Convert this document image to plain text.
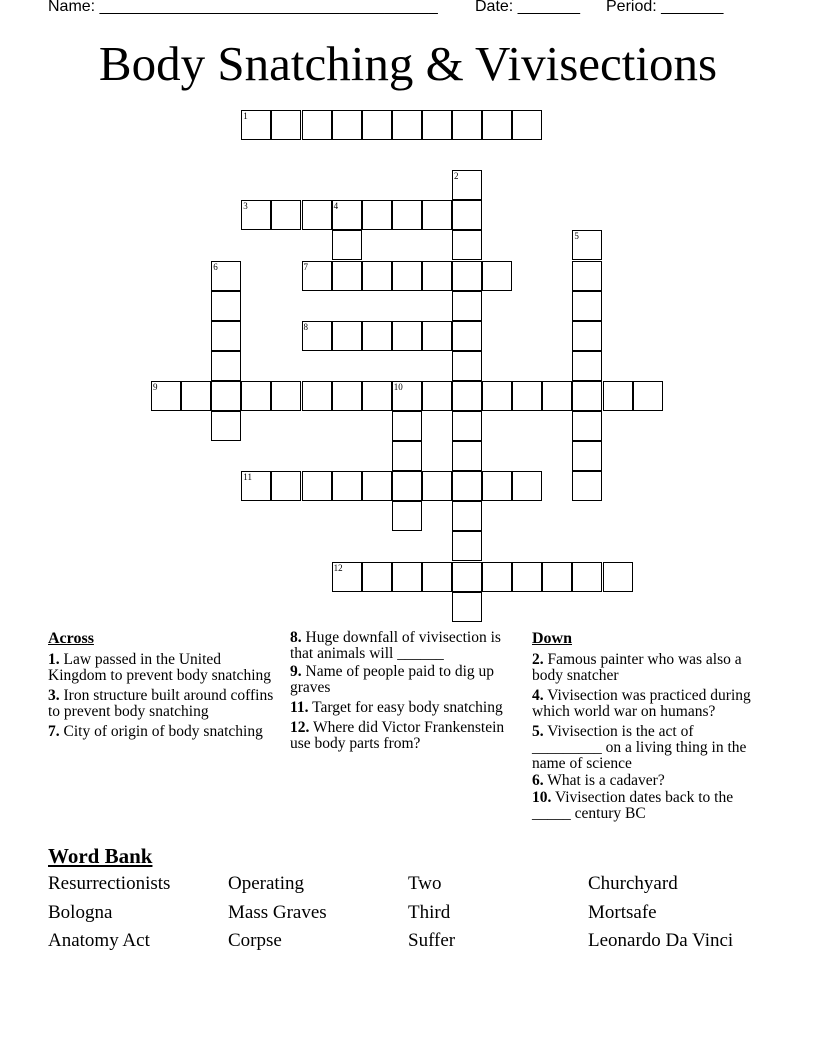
Name: ______________________________________ Date: _______ Period: _______
Body Snatching & Vivisections
1
2
3	4
5
6	7
8
9	10
11
12
Across
1. Law passed in the United Kingdom to prevent body snatching
3. Iron structure built around coffins to prevent body snatching
7. City of origin of body snatching
8. Huge downfall of vivisection is that animals will ______
9. Name of people paid to dig up graves
11. Target for easy body snatching
12. Where did Victor Frankenstein use body parts from?
Down
2. Famous painter who was also a body snatcher
4. Vivisection was practiced during which world war on humans?
5. Vivisection is the act of _________ on a living thing in the name of science
6. What is a cadaver?
10. Vivisection dates back to the _____ century BC
Word Bank
Resurrectionists	Operating	Two	Churchyard
Bologna	Mass Graves	Third	Mortsafe
Anatomy Act	Corpse	Suffer	Leonardo Da Vinci
